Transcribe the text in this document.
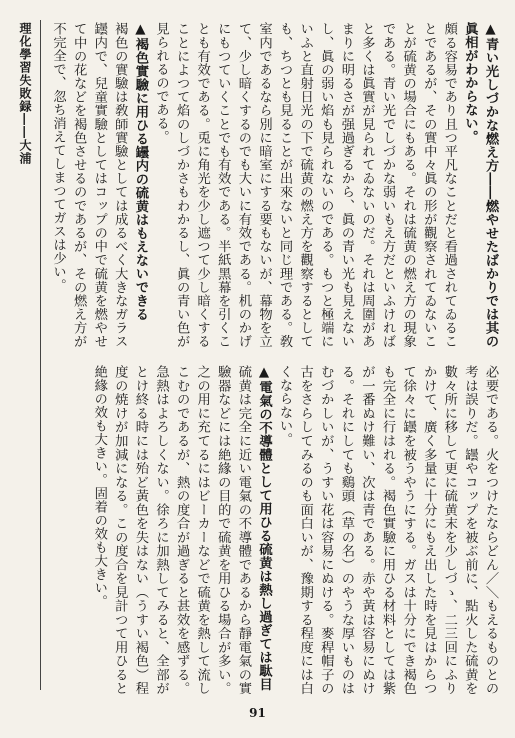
理化學習失敗録――大浦	▲青い光しづかな燃え方――燃やせたばかりでは其の眞相がわからない。

頗る容易であり且つ平凡なことだと看過されてゐることであるが、その實中々眞の形が觀察されてゐないことが硫黄の場合にもある。それは硫黄の燃え方の現象である。青い光でしづかな弱いもえ方だといふければと多くは眞實が見られてゐないのだ。それは周圍があまりに明るさが强過ぎるから、眞の青い光も見えないし、眞の弱い焰も見られないのである。もつと極端にいふと直射日光の下で硫黄の燃え方を觀察するとしても、ちつとも見ることが出來ないと同じ理である。敎室内であるなら別に暗室にする要もないが、幕物を立て、少し暗くするのでも大いに有效である。机のかげにもつていくことでも有效である。半紙黑幕を引くことも有效である。兎に角光を少し遮つて少し暗くすることによつて焰のしづかさもわかるし、眞の青い色が見られるのである。

▲褐色實驗に用ひる罎内の硫黄はもえないできる

褐色の實驗は敎師實驗としては成るべく大きなガラス罎内で、兒童實驗としてはコップの中で硫黄を燃やせて中の花などを褐色させるのであるが、その燃え方が不完全で、忽ち消えてしまつてガスは少い。

必要である。火をつけたならどん／＼もえるものとの考は誤りだ。罎やコップを被ぶ前に、點火した硫黄を數々所に移して更に硫黄末を少しづゝ、二三回にふりかけて、廣く多量に十分にもえ出した時を見はからつて徐々に罎を被うやうにする。ガスは十分にでき褐色も完全に行はれる。褐色實驗に用ひる材料としては紫が一番ぬけ難い、次は青である。赤や黃は容易にぬける。それにしても鷄頭（草の名）のやうな厚いものはむづかしいが、うすい花は容易にぬける。麥稈帽子の古をさらしてみるのも面白いが、豫期する程度には白くならない。

▲電氣の不導體として用ひる硫黄は熱し過ぎては駄目

硫黄は完全に近い電氣の不導體であるから靜電氣の實驗器などには絶緣の目的で硫黄を用ひる場合が多い。之の用に充てるにはビーカーなどで硫黄を熱して流しこむのであるが、熱の度合が過ぎると甚效を感ずる。急熱はよろしくない。徐ろに加熱してみると、全部がとけ終る時には殆ど黃色を失はない（うすい褐色）程度の焼けが加減になる。この度合を見計つて用ひると絶緣の效も大きい。固着の效も大きい。

91
